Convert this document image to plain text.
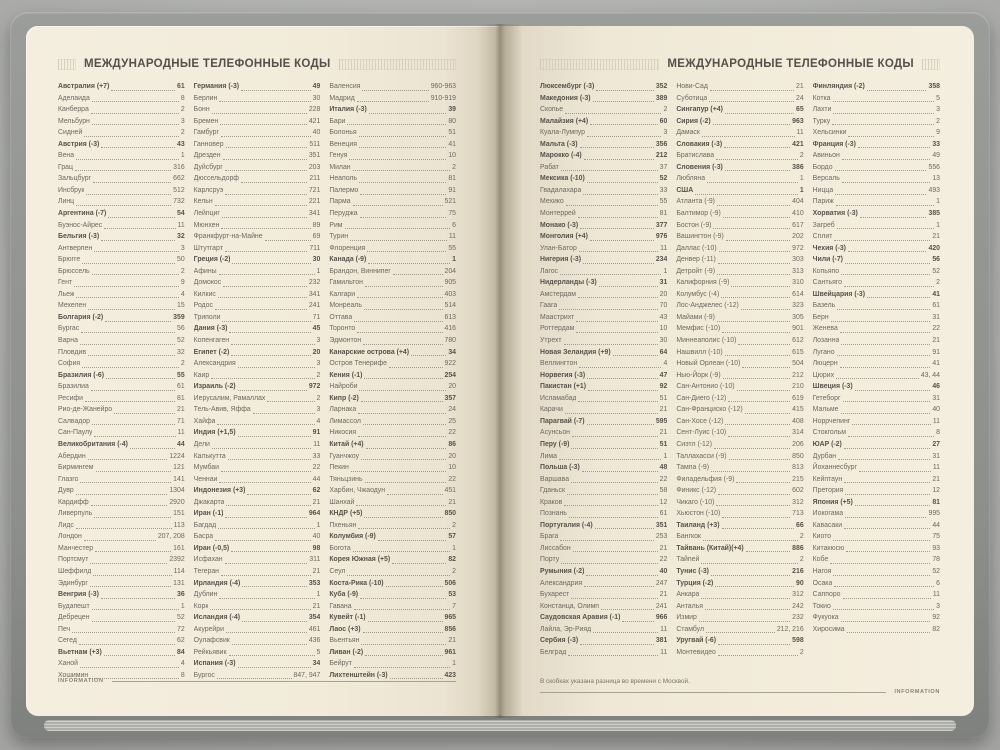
МЕЖДУНАРОДНЫЕ ТЕЛЕФОННЫЕ КОДЫ
Австралия (+7)	61
Аделаида	8
Канберра	2
Мельбурн	3
Сидней	2
Австрия (-3)	43
Вена	1
Грац	316
Зальцбург	662
Инсбрук	512
Линц	732
Аргентина (-7)	54
Буэнос-Айрес	11
Бельгия (-3)	32
Антверпен	3
Брюгге	50
Брюссель	2
Гент	9
Льеж	4
Мехелен	15
Болгария (-2)	359
Бургас	56
Варна	52
Пловдив	32
София	2
Бразилия (-6)	55
Бразилиа	61
Ресифи	81
Рио-де-Жанейро	21
Салвадор	71
Сан-Паулу	11
Великобритания (-4)	44
Абердин	1224
Бирмингем	121
Глазго	141
Дувр	1304
Кардифф	2920
Ливерпуль	151
Лидс	113
Лондон	207, 208
Манчестер	161
Портсмут	2392
Шеффилд	114
Эдинбург	131
Венгрия (-3)	36
Будапешт	1
Дебрецен	52
Печ	72
Сегед	62
Вьетнам (+3)	84
Ханой	4
Хошимин	8
Германия (-3)	49
Берлин	30
Бонн	228
Бремен	421
Гамбург	40
Ганновер	511
Дрезден	351
Дуйсбург	203
Дюссельдорф	211
Карлсруэ	721
Кельн	221
Лейпциг	341
Мюнхен	89
Франкфурт-на-Майне	69
Штутгарт	711
Греция (-2)	30
Афины	1
Домокос	232
Килкис	341
Родос	241
Триполи	71
Дания (-3)	45
Копенгаген	3
Египет (-2)	20
Александрия	3
Каир	2
Израиль (-2)	972
Иерусалим, Рамаллах	2
Тель-Авив, Яффа	3
Хайфа	4
Индия (+1,5)	91
Дели	11
Калькутта	33
Мумбаи	22
Ченнаи	44
Индонезия (+3)	62
Джакарта	21
Иран (-1)	964
Багдад	1
Басра	40
Иран (-0,5)	98
Исфахан	311
Тегеран	21
Ирландия (-4)	353
Дублин	1
Корк	21
Исландия (-4)	354
Акурейри	461
Оулафсвик	436
Рейкьявик	5
Испания (-3)	34
Бургос	847, 947
Валенсия	960-963
Мадрид	910-919
Италия (-3)	39
Бари	80
Болонья	51
Венеция	41
Генуя	10
Милан	2
Неаполь	81
Палермо	91
Парма	521
Перуджа	75
Рим	6
Турин	11
Флоренция	55
Канада (-9)	1
Брандон, Виннипег	204
Гамильтон	905
Калгари	403
Монреаль	514
Оттава	613
Торонто	416
Эдмонтон	780
Канарские острова (+4)	34
Остров Тенерифе	922
Кения (-1)	254
Найроби	20
Кипр (-2)	357
Ларнака	24
Лимассол	25
Никосия	22
Китай (+4)	86
Гуанчжоу	20
Пекин	10
Тяньцзинь	22
Харбин, Чжаодун	451
Шанхай	21
КНДР (+5)	850
Пхеньян	2
Колумбия (-9)	57
Богота	1
Корея Южная (+5)	82
Сеул	2
Коста-Рика (-10)	506
Куба (-9)	53
Гавана	7
Кувейт (-1)	965
Лаос (+3)	856
Вьентьян	21
Ливан (-2)	961
Бейрут	1
Лихтенштейн (-3)	423
INFORMATION
МЕЖДУНАРОДНЫЕ ТЕЛЕФОННЫЕ КОДЫ
Люксембург (-3)	352
Македония (-3)	389
Скопье	2
Малайзия (+4)	60
Куала-Лумпур	3
Мальта (-3)	356
Марокко (-4)	212
Рабат	37
Мексика (-10)	52
Гвадалахара	33
Мехико	55
Монтеррей	81
Монако (-3)	377
Монголия (+4)	976
Улан-Батор	11
Нигерия (-3)	234
Лагос	1
Нидерланды (-3)	31
Амстердам	20
Гаага	70
Маастрихт	43
Роттердам	10
Утрехт	30
Новая Зеландия (+9)	64
Веллингтон	4
Норвегия (-3)	47
Пакистан (+1)	92
Исламабад	51
Карачи	21
Парагвай (-7)	595
Асунсьон	21
Перу (-9)	51
Лима	1
Польша (-3)	48
Варшава	22
Гданьск	58
Краков	12
Познань	61
Португалия (-4)	351
Брага	253
Лиссабон	21
Порту	22
Румыния (-2)	40
Александрия	247
Бухарест	21
Констанца, Олимп	241
Саудовская Аравия (-1)	966
Лайла, Эр-Рияд	11
Сербия (-3)	381
Белград	11
Нови-Сад	21
Суботица	24
Сингапур (+4)	65
Сирия (-2)	963
Дамаск	11
Словакия (-3)	421
Братислава	2
Словения (-3)	386
Любляна	1
США	1
Атланта (-9)	404
Балтимор (-9)	410
Бостон (-9)	617
Вашингтон (-9)	202
Даллас (-10)	972
Денвер (-11)	303
Детройт (-9)	313
Калифорния (-9)	310
Колумбус (-4)	614
Лос-Анджелес (-12)	323
Майами (-9)	305
Мемфис (-10)	901
Миннеаполис (-10)	612
Нашвилл (-10)	615
Новый Орлеан (-10)	504
Нью-Йорк (-9)	212
Сан-Антонио (-10)	210
Сан-Диего (-12)	619
Сан-Франциско (-12)	415
Сан-Хосе (-12)	408
Сент-Луис (-10)	314
Сиэтл (-12)	206
Таллахасси (-9)	850
Тампа (-9)	813
Филадельфия (-9)	215
Финикс (-12)	602
Чикаго (-10)	312
Хьюстон (-10)	713
Таиланд (+3)	66
Бангкок	2
Тайвань (Китай)(+4)	886
Тайпей	2
Тунис (-3)	216
Турция (-2)	90
Анкара	312
Анталья	242
Измир	232
Стамбул	212, 216
Уругвай (-6)	598
Монтевидео	2
Финляндия (-2)	358
Котка	5
Лахти	3
Турку	2
Хельсинки	9
Франция (-3)	33
Авиньон	49
Бордо	556
Версаль	13
Ницца	493
Париж	1
Хорватия (-3)	385
Загреб	1
Сплит	21
Чехия (-3)	420
Чили (-7)	56
Копьяпо	52
Сантьяго	2
Швейцария (-3)	41
Базель	61
Берн	31
Женева	22
Лозанна	21
Лугано	91
Люцерн	41
Цюрих	43, 44
Швеция (-3)	46
Гетеборг	31
Мальме	40
Норрчепинг	11
Стокгольм	8
ЮАР (-2)	27
Дурбан	31
Йоханнесбург	11
Кейптаун	21
Претория	12
Япония (+5)	81
Иокогама	995
Кавасаки	44
Киото	75
Китакюсю	93
Кобе	78
Нагоя	52
Осака	6
Саппоро	11
Токио	3
Фукуока	92
Хиросима	82
В скобках указана разница во времени с Москвой.
INFORMATION
